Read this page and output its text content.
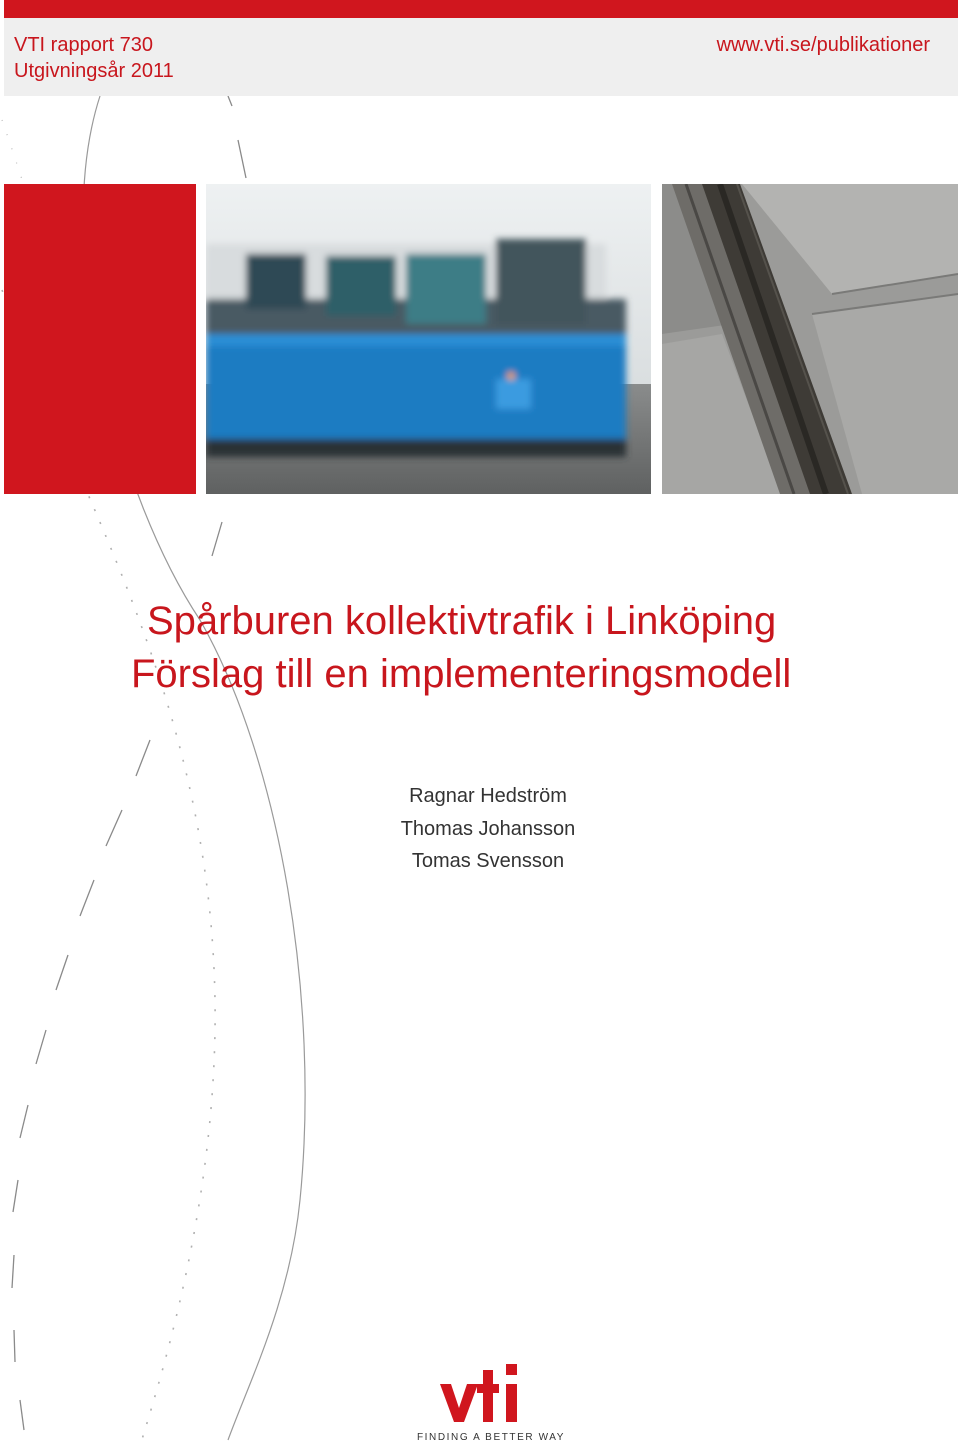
VTI rapport 730
Utgivningsår 2011
www.vti.se/publikationer
Spårburen kollektivtrafik i Linköping
Förslag till en implementeringsmodell
Ragnar Hedström
Thomas Johansson
Tomas Svensson
FINDING A BETTER WAY
